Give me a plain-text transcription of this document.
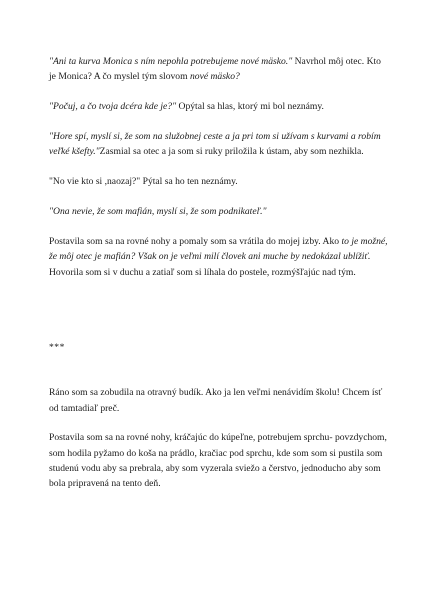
"Ani ta kurva Monica s ním nepohla potrebujeme nové mäsko." Navrhol môj otec. Kto je Monica? A čo myslel tým slovom nové mäsko?

"Počuj, a čo tvoja dcéra kde je?" Opýtal sa hlas, ktorý mi bol neznámy.

"Hore spí, myslí si, že som na služobnej ceste a ja pri tom si užívam s kurvami a robím veľké kšefty."Zasmial sa otec a ja som si ruky priložila k ústam, aby som nezhikla.

"No vie kto si ,naozaj?" Pýtal sa ho ten neznámy.

"Ona nevie, že som mafián, myslí si, že som podnikateľ."

Postavila som sa na rovné nohy a pomaly som sa vrátila do mojej izby. Ako to je možné, že môj otec je mafián? Však on je veľmi milí človek ani muche by nedokázal ublížiť. Hovorila som si v duchu a zatiaľ som si líhala do postele, rozmýšľajúc nad tým.

***

Ráno som sa zobudila na otravný budík. Ako ja len veľmi nenávidím školu! Chcem ísť od tamtadiaľ preč.

Postavila som sa na rovné nohy, kráčajúc do kúpeľne, potrebujem sprchu- povzdychom, som hodila pyžamo do koša na prádlo, kračiac pod sprchu, kde som som si pustila som studenú vodu aby sa prebrala, aby som vyzerala sviežo a čerstvo, jednoducho aby som bola pripravená na tento deň.
